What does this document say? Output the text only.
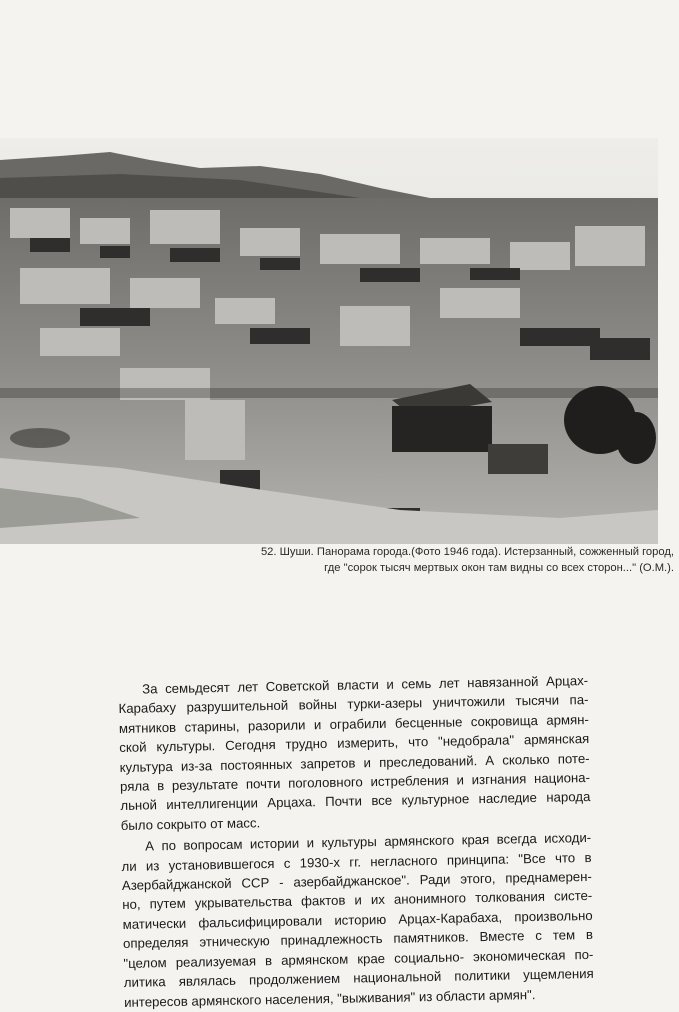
52. Шуши. Панорама города.(Фото 1946 года). Истерзанный, сожженный город,
где "сорок тысяч мертвых окон там видны со всех сторон..." (О.М.).
За семьдесят лет Советской власти и семь лет навязанной Арцах-
Карабаху разрушительной войны турки-азеры уничтожили тысячи па-
мятников старины, разорили и ограбили бесценные сокровища армян-
ской культуры. Сегодня трудно измерить, что "недобрала" армянская
культура из-за постоянных запретов и преследований. А сколько поте-
ряла в результате почти поголовного истребления и изгнания национа-
льной интеллигенции Арцаха. Почти все культурное наследие народа
было сокрыто от масс.
А по вопросам истории и культуры армянского края всегда исходи-
ли из установившегося с 1930-х гг. негласного принципа: "Все что в
Азербайджанской ССР - азербайджанское". Ради этого, преднамерен-
но, путем укрывательства фактов и их анонимного толкования систе-
матически фальсифицировали историю Арцах-Карабаха, произвольно
определяя этническую принадлежность памятников. Вместе с тем в
"целом реализуемая в армянском крае социально- экономическая по-
литика являлась продолжением национальной политики ущемления
интересов армянского населения, "выживания" из области армян".
